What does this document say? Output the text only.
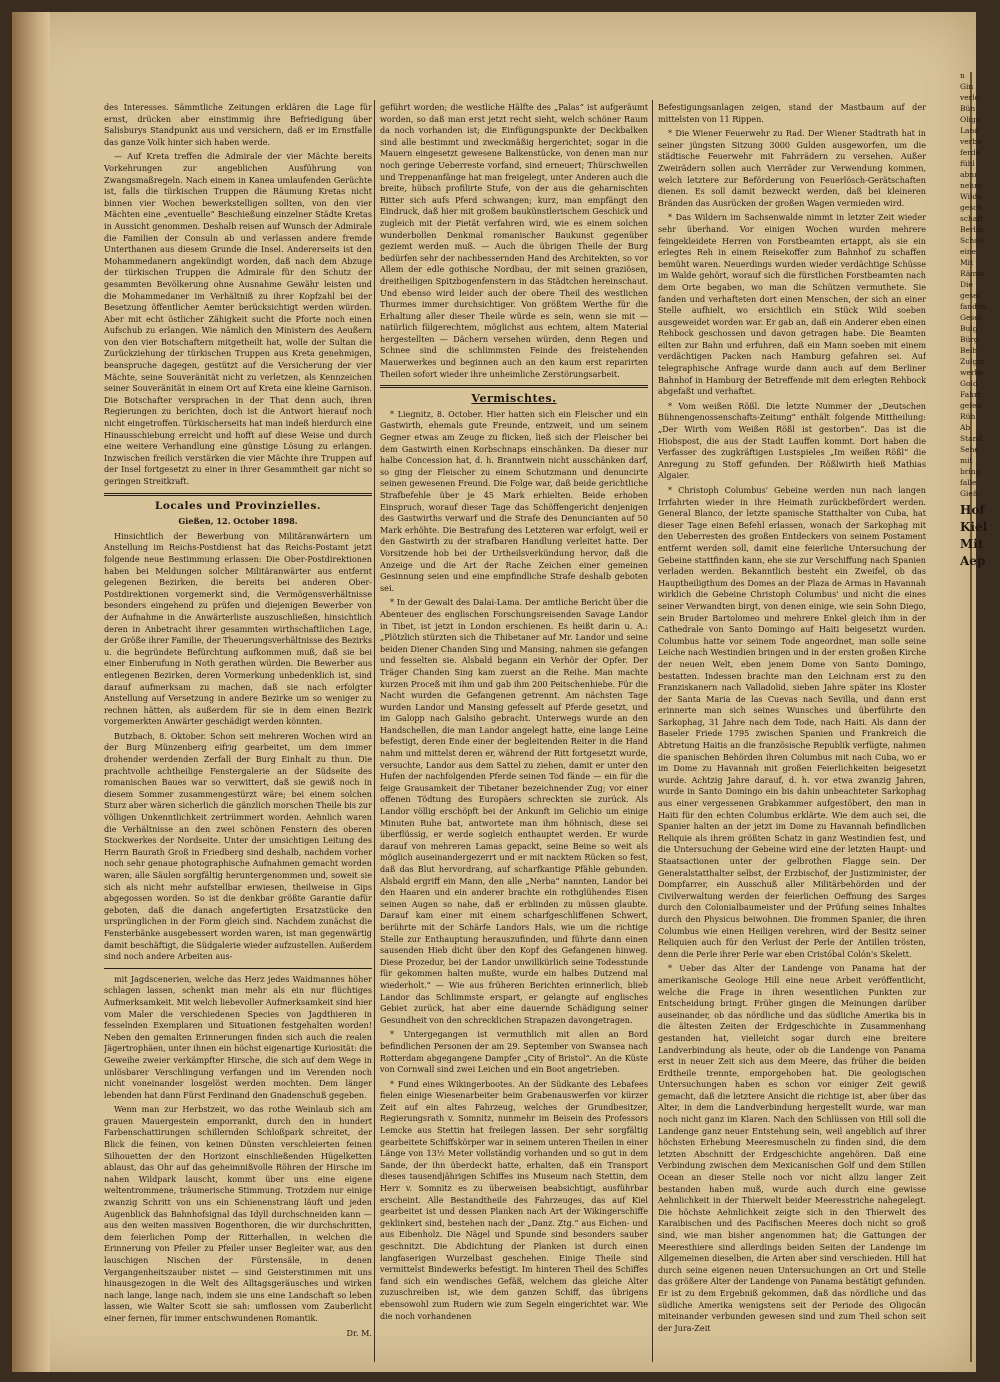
des Interesses. Sämmtliche Zeitungen erklären die Lage für ernst, drücken aber einstimmig ihre Befriedigung über Salisburys Standpunkt aus und versichern, daß er im Ernstfalle das ganze Volk hinter sich haben werde.

— Auf Kreta treffen die Admirale der vier Mächte bereits Vorkehrungen zur angeblichen Ausführung von Zwangsmaßregeln. Nach einem in Kanea umlaufenden Gerüchte ist, falls die türkischen Truppen die Räumung Kretas nicht binnen vier Wochen bewerkstelligen sollten, von den vier Mächten eine „eventuelle“ Beschießung einzelner Städte Kretas in Aussicht genommen. Deshalb reisen auf Wunsch der Admirale die Familien der Consuln ab und verlassen andere fremde Unterthanen aus diesem Grunde die Insel. Andererseits ist den Mohammedanern angekündigt worden, daß nach dem Abzuge der türkischen Truppen die Admirale für den Schutz der gesammten Bevölkerung ohne Ausnahme Gewähr leisten und die Mohammedaner im Verhältniß zu ihrer Kopfzahl bei der Besetzung öffentlicher Aemter berücksichtigt werden würden. Aber mit echt östlicher Zähigkeit sucht die Pforte noch einen Aufschub zu erlangen. Wie nämlich den Ministern des Aeußern von den vier Botschaftern mitgetheilt hat, wolle der Sultan die Zurückziehung der türkischen Truppen aus Kreta genehmigen, beanspruche dagegen, gestützt auf die Versicherung der vier Mächte, seine Souveränität nicht zu verletzen, als Kennzeichen seiner Souveränität in einem Ort auf Kreta eine kleine Garnison. Die Botschafter versprachen in der That denn auch, ihren Regierungen zu berichten, doch ist die Antwort hierauf noch nicht eingetroffen. Türkischerseits hat man indeß hierdurch eine Hinausschiebung erreicht und hofft auf diese Weise und durch eine weitere Verhandlung eine günstige Lösung zu erlangen. Inzwischen freilich verstärken die vier Mächte ihre Truppen auf der Insel fortgesetzt zu einer in ihrer Gesammtheit gar nicht so geringen Streitkraft.

Locales und Provinzielles.
Gießen, 12. October 1898.

Hinsichtlich der Bewerbung von Militäranwärtern um Anstellung im Reichs-Postdienst hat das Reichs-Postamt jetzt folgende neue Bestimmung erlassen: Die Ober-Postdirektionen haben bei Meldungen solcher Militäranwärter aus entfernt gelegenen Bezirken, die bereits bei anderen Ober-Postdirektionen vorgemerkt sind, die Vermögensverhältnisse besonders eingehend zu prüfen und diejenigen Bewerber von der Aufnahme in die Anwärterliste auszuschließen, hinsichtlich deren in Anbetracht ihrer gesammten wirthschaftlichen Lage, der Größe ihrer Familie, der Theuerungsverhältnisse des Bezirks u. die begründete Befürchtung aufkommen muß, daß sie bei einer Einberufung in Noth gerathen würden. Die Bewerber aus entlegenen Bezirken, deren Vormerkung unbedenklich ist, sind darauf aufmerksam zu machen, daß sie nach erfolgter Anstellung auf Versetzung in andere Bezirke um so weniger zu rechnen hätten, als außerdem für sie in dem einen Bezirk vorgemerkten Anwärter geschädigt werden könnten.

Butzbach, 8. Oktober. Schon seit mehreren Wochen wird an der Burg Münzenberg eifrig gearbeitet, um dem immer drohender werdenden Zerfall der Burg Einhalt zu thun. Die prachtvolle achtheilige Fenstergalerie an der Südseite des romanischen Baues war so verwittert, daß sie gewiß noch in diesem Sommer zusammengestürzt wäre; bei einem solchen Sturz aber wären sicherlich die gänzlich morschen Theile bis zur völligen Unkenntlichkeit zertrümmert worden. Aehnlich waren die Verhältnisse an den zwei schönen Fenstern des oberen Stockwerkes der Nordseite. Unter der umsichtigen Leitung des Herrn Baurath Groß in Friedberg sind deshalb, nachdem vorher noch sehr genaue photographische Aufnahmen gemacht worden waren, alle Säulen sorgfältig heruntergenommen und, soweit sie sich als nicht mehr aufstellbar erwiesen, theilweise in Gips abgegossen worden. So ist die denkbar größte Garantie dafür geboten, daß die danach angefertigten Ersatzstücke den ursprünglichen in der Form gleich sind. Nachdem zunächst die Fensterbänke ausgebessert worden waren, ist man gegenwärtig damit beschäftigt, die Südgalerie wieder aufzustellen. Außerdem sind noch andere Arbeiten aus-

mit Jagdscenerien, welche das Herz jedes Waidmannes höher schlagen lassen, schenkt man mehr als ein nur flüchtiges Aufmerksamkeit. Mit welch liebevoller Aufmerksamkeit sind hier vom Maler die verschiedenen Species von Jagdthieren in fesselnden Exemplaren und Situationen festgehalten worden! Neben den gemalten Erinnerungen finden sich auch die realen Jägertrophäen, unter ihnen ein höchst eigenartige Kuriosität: die Geweihe zweier verkämpfter Hirsche, die sich auf dem Wege in unlösbarer Verschlingung verfangen und im Verenden noch nicht voneinander losgelöst werden mochten. Dem länger lebenden hat dann Fürst Ferdinand den Gnadenschuß gegeben.

Wenn man zur Herbstzeit, wo das rothe Weinlaub sich am grauen Mauergestein emporrankt, durch den in hundert Farbenschattirungen schillernden Schloßpark schreitet, der Blick die feinen, von keinen Dünsten verschleierten feinen Silhouetten der den Horizont einschließenden Hügelketten ablaust, das Ohr auf das geheimnißvolle Röhren der Hirsche im nahen Wildpark lauscht, kommt über uns eine eigene weltentrommene, träumerische Stimmung. Trotzdem nur einige zwanzig Schritt von uns ein Schienenstrang läuft und jeden Augenblick das Bahnhofsignal das Idyll durchschneiden kann — aus den weiten massiven Bogenthoren, die wir durchschritten, dem feierlichen Pomp der Ritterhallen, in welchen die Erinnerung von Pfeiler zu Pfeiler unser Begleiter war, aus den lauschigen Nischen der Fürstensäle, in denen Vergangenheitszauber nistet — sind Geisterstimmen mit uns hinausgezogen in die Welt des Alltagsgeräusches und wirken nach lange, lange nach, indem sie uns eine Landschaft so leben lassen, wie Walter Scott sie sah: umflossen vom Zauberlicht einer fernen, für immer entschwundenen Romantik.

Dr. M.

geführt worden; die westliche Hälfte des „Palas“ ist aufgeräumt worden, so daß man erst jetzt recht sieht, welch schöner Raum da noch vorhanden ist; die Einfügungspunkte der Deckbalken sind alle bestimmt und zweckmäßig hergerichtet; sogar in die Mauern eingesetzt gewesene Balkenstücke, von denen man nur noch geringe Ueberreste vorfand, sind erneuert; Thürschwellen und Treppenanfänge hat man freigelegt, unter Anderen auch die breite, hübsch profilirte Stufe, von der aus die geharnischten Ritter sich aufs Pferd schwangen; kurz, man empfängt den Eindruck, daß hier mit großem baukünstlerischem Geschick und zugleich mit der Pietät verfahren wird, wie es einem solchen wunderbollen Denkmal romanischer Baukunst gegenüber geziemt werden muß. — Auch die übrigen Theile der Burg bedürfen sehr der nachbessernden Hand des Architekten, so vor Allem der edle gothische Nordbau, der mit seinen graziösen, dreitheiligen Spitzbogenfenstern in das Städtchen hereinschaut. Und ebenso wird leider auch der obere Theil des westlichen Thurmes immer durchsichtiger. Von größtem Werthe für die Erhaltung aller dieser Theile würde es sein, wenn sie mit — natürlich fülgerechtem, möglichst aus echtem, altem Material hergestellten — Dächern versehen würden, denn Regen und Schnee sind die schlimmsten Feinde des freistehenden Mauerwerkes und beginnen auch an den kaum erst reparirten Theilen sofort wieder ihre unheimliche Zerstörungsarbeit.

Vermischtes.

* Liegnitz, 8. October. Hier hatten sich ein Fleischer und ein Gastwirth, ehemals gute Freunde, entzweit, und um seinem Gegner etwas am Zeuge zu flicken, ließ sich der Fleischer bei dem Gastwirth einen Korbschnaps einschänken. Da dieser nur halbe Concession hat, d. h. Branntwein nicht ausschänken darf, so ging der Fleischer zu einem Schutzmann und denuncirte seinen gewesenen Freund. Die Folge war, daß beide gerichtliche Strafbefehle über je 45 Mark erhielten. Beide erhoben Einspruch, worauf dieser Tage das Schöffengericht denjenigen des Gastwirths verwarf und die Strafe des Denuncianten auf 50 Mark erhöhte. Die Bestrafung des Letzteren war erfolgt, weil er den Gastwirth zu der strafbaren Handlung verleitet hatte. Der Vorsitzende hob bei der Urtheilsverkündung hervor, daß die Anzeige und die Art der Rache Zeichen einer gemeinen Gesinnung seien und eine empfindliche Strafe deshalb geboten sei.

* In der Gewalt des Dalai-Lama. Der amtliche Bericht über die Abenteuer des englischen Forschungsreisenden Savage Landor in Tibet, ist jetzt in London erschienen. Es heißt darin u. A.: „Plötzlich stürzten sich die Thibetaner auf Mr. Landor und seine beiden Diener Chanden Sing und Mansing, nahmen sie gefangen und fesselten sie. Alsbald begann ein Verhör der Opfer. Der Träger Chanden Sing kam zuerst an die Reihe. Man machte kurzen Proceß mit ihm und gab ihm 200 Peitschenhiebe. Für die Nacht wurden die Gefangenen getrennt. Am nächsten Tage wurden Landor und Mansing gefesselt auf Pferde gesetzt, und im Galopp nach Galsiho gebracht. Unterwegs wurde an den Handschellen, die man Landor angelegt hatte, eine lange Leine befestigt, deren Ende einer der begleitenden Reiter in die Hand nahm und mittelst deren er, während der Ritt fortgesetzt wurde, versuchte, Landor aus dem Sattel zu ziehen, damit er unter den Hufen der nachfolgenden Pferde seinen Tod fände — ein für die feige Grausamkeit der Tibetaner bezeichnender Zug; vor einer offenen Tödtung des Europäers schreckten sie zurück. Als Landor völlig erschöpft bei der Ankunft im Gelichio um einige Minuten Ruhe bat, antwortete man ihm höhnisch, diese sei überflüssig, er werde sogleich enthauptet werden. Er wurde darauf von mehreren Lamas gepackt, seine Beine so weit als möglich auseinandergezerrt und er mit nacktem Rücken so fest, daß das Blut hervordrang, auf scharfkantige Pfähle gebunden. Alsbald ergriff ein Mann, den alle „Nerba“ nannten, Landor bei den Haaren und ein anderer brachte ein rothglühendes Eisen seinen Augen so nahe, daß er erblinden zu müssen glaubte. Darauf kam einer mit einem scharfgeschliffenen Schwert, berührte mit der Schärfe Landors Hals, wie um die richtige Stelle zur Enthauptung herauszufinden, und führte dann einen sausenden Hieb dicht über den Kopf des Gefangenen hinweg. Diese Prozedur, bei der Landor unwillkürlich seine Todesstunde für gekommen halten mußte, wurde ein halbes Dutzend mal wiederholt.“ — Wie aus früheren Berichten erinnerlich, blieb Landor das Schlimmste erspart, er gelangte auf englisches Gebiet zurück, hat aber eine dauernde Schädigung seiner Gesundheit von den schrecklichen Strapazen davongetragen.

* Untergegangen ist vermuthlich mit allen an Bord befindlichen Personen der am 29. September von Swansea nach Rotterdam abgegangene Dampfer „City of Bristol“. An die Küste von Cornwall sind zwei Leichen und ein Boot angetrieben.

* Fund eines Wikingerbootes. An der Südkante des Lebafees fielen einige Wiesenarbeiter beim Grabenauswerfen vor kürzer Zeit auf ein altes Fahrzeug, welches der Grundbesitzer, Regierungsrath v. Somnitz, nunmehr im Beisein des Professors Lemcke aus Stettin hat freilegen lassen. Der sehr sorgfältig gearbeitete Schiffskörper war in seinem unteren Theilen in einer Länge von 13½ Meter vollständig vorhanden und so gut in dem Sande, der ihn überdeckt hatte, erhalten, daß ein Transport dieses tausendjährigen Schiffes ins Museum nach Stettin, dem Herr v. Somnitz es zu überweisen beabsichtigt, ausführbar erscheint. Alle Bestandtheile des Fahrzeuges, das auf Kiel gearbeitet ist und dessen Planken nach Art der Wikingerschiffe geklinkert sind, bestehen nach der „Danz. Ztg.“ aus Eichen- und aus Eibenholz. Die Nägel und Spunde sind besonders sauber geschnitzt. Die Abdichtung der Planken ist durch einen langfaserigen Wurzelbast geschehen. Einige Theile sind vermittelst Bindewerks befestigt. Im hinteren Theil des Schiffes fand sich ein wendisches Gefäß, welchem das gleiche Alter zuzuschreiben ist, wie dem ganzen Schiff, das übrigens ebensowohl zum Rudern wie zum Segeln eingerichtet war. Wie die noch vorhandenen

Befestigungsanlagen zeigen, stand der Mastbaum auf der mittelsten von 11 Rippen.

* Die Wiener Feuerwehr zu Rad. Der Wiener Stadtrath hat in seiner jüngsten Sitzung 3000 Gulden ausgeworfen, um die städtische Feuerwehr mit Fahrrädern zu versehen. Außer Zweirädern sollen auch Vierräder zur Verwendung kommen, welch letztere zur Beförderung von Feuerlösch-Gerätschaften dienen. Es soll damit bezweckt werden, daß bei kleineren Bränden das Ausrücken der großen Wagen vermieden wird.

* Das Wildern im Sachsenwalde nimmt in letzter Zeit wieder sehr überhand. Vor einigen Wochen wurden mehrere feingekleidete Herren von Forstbeamten ertappt, als sie ein erlegtes Reh in einem Reisekoffer zum Bahnhof zu schaffen bemüht waren. Neuerdings wurden wieder verdächtige Schüsse im Walde gehört, worauf sich die fürstlichen Forstbeamten nach dem Orte begaben, wo man die Schützen vermuthete. Sie fanden und verhafteten dort einen Menschen, der sich an einer Stelle aufhielt, wo ersichtlich ein Stück Wild soeben ausgeweidet worden war. Er gab an, daß ein Anderer eben einen Rehbock geschossen und davon getragen habe. Die Beamten eilten zur Bahn und erfuhren, daß ein Mann soeben mit einem verdächtigen Packen nach Hamburg gefahren sei. Auf telegraphische Anfrage wurde dann auch auf dem Berliner Bahnhof in Hamburg der Betreffende mit dem erlegten Rehbock abgefaßt und verhaftet.

* Vom weißen Rößl. Die letzte Nummer der „Deutschen Bühnengenossenschafts-Zeitung“ enthält folgende Mittheilung: „Der Wirth vom Weißen Rößl ist gestorben“. Das ist die Hiobspost, die aus der Stadt Lauffen kommt. Dort haben die Verfasser des zugkräftigen Lustspieles „Im weißen Rößl“ die Anregung zu Stoff gefunden. Der Rößlwirth hieß Mathias Algaier.

* Christoph Columbus' Gebeine werden nun nach langen Irrfahrten wieder in ihre Heimath zurückbefördert werden. General Blanco, der letzte spanische Statthalter von Cuba, hat dieser Tage einen Befehl erlassen, wonach der Sarkophag mit den Ueberresten des großen Entdeckers von seinem Postament entfernt werden soll, damit eine feierliche Untersuchung der Gebeine stattfinden kann, ehe sie zur Verschiffung nach Spanien verladen werden. Bekanntlich besteht ein Zweifel, ob das Hauptheiligthum des Domes an der Plaza de Armas in Havannah wirklich die Gebeine Christoph Columbus' und nicht die eines seiner Verwandten birgt, von denen einige, wie sein Sohn Diego, sein Bruder Bartolomeo und mehrere Enkel gleich ihm in der Cathedrale von Santo Domingo auf Haiti beigesetzt wurden. Columbus hatte vor seinem Tode angeordnet, man solle seine Leiche nach Westindien bringen und in der ersten großen Kirche der neuen Welt, eben jenem Dome von Santo Domingo, bestatten. Indessen brachte man den Leichnam erst zu den Franziskanern nach Valladolid, sieben Jahre später ins Kloster der Santa Maria de las Cuevas nach Sevilla, und dann erst erinnerte man sich seines Wunsches und überführte den Sarkophag, 31 Jahre nach dem Tode, nach Haiti. Als dann der Baseler Friede 1795 zwischen Spanien und Frankreich die Abtretung Haitis an die französische Republik verfügte, nahmen die spanischen Behörden ihren Columbus mit nach Cuba, wo er im Dome zu Havannah mit großen Feierlichkeiten beigesetzt wurde. Achtzig Jahre darauf, d. h. vor etwa zwanzig Jahren, wurde in Santo Domingo ein bis dahin unbeachteter Sarkophag aus einer vergessenen Grabkammer aufgestöbert, den man in Haiti für den echten Columbus erklärte. Wie dem auch sei, die Spanier halten an der jetzt im Dome zu Havannah befindlichen Reliquie als ihrem größten Schatz in ganz Westindien fest, und die Untersuchung der Gebeine wird eine der letzten Haupt- und Staatsactionen unter der gelbrothen Flagge sein. Der Generalstatthalter selbst, der Erzbischof, der Justizminister, der Dompfarrer, ein Ausschuß aller Militärbehörden und der Civilverwaltung werden der feierlichen Oeffnung des Sarges durch den Colonialbaumeister und der Prüfung seines Inhaltes durch den Physicus beiwohnen. Die frommen Spanier, die ihren Columbus wie einen Heiligen verehren, wird der Besitz seiner Reliquien auch für den Verlust der Perle der Antillen trösten, denn die Perle ihrer Perle war eben Cristóbal Colón's Skelett.

* Ueber das Alter der Landenge von Panama hat der amerikanische Geologe Hill eine neue Arbeit veröffentlicht, welche die Frage in ihren wesentlichen Punkten zur Entscheidung bringt. Früher gingen die Meinungen darüber auseinander, ob das nördliche und das südliche Amerika bis in die ältesten Zeiten der Erdgeschichte in Zusammenhang gestanden hat, vielleicht sogar durch eine breitere Landverbindung als heute, oder ob die Landenge von Panama erst in neuer Zeit sich aus dem Meere, das früher die beiden Erdtheile trennte, emporgehoben hat. Die geologischen Untersuchungen haben es schon vor einiger Zeit gewiß gemacht, daß die letztere Ansicht die richtige ist, aber über das Alter, in dem die Landverbindung hergestellt wurde, war man noch nicht ganz im Klaren. Nach den Schlüssen von Hill soll die Landenge ganz neuer Entstehung sein, weil angeblich auf ihrer höchsten Erhebung Meeresmuscheln zu finden sind, die dem letzten Abschnitt der Erdgeschichte angehören. Daß eine Verbindung zwischen dem Mexicanischen Golf und dem Stillen Ocean an dieser Stelle noch vor nicht allzu langer Zeit bestanden haben muß, wurde auch durch eine gewisse Aehnlichkeit in der Thierwelt beider Meeresstriche nahegelegt. Die höchste Aehnlichkeit zeigte sich in den Thierwelt des Karaibischen und des Pacifischen Meeres doch nicht so groß sind, wie man bisher angenommen hat; die Gattungen der Meeresthiere sind allerdings beiden Seiten der Landenge im Allgemeinen dieselben, die Arten aber sind verschieden. Hill hat durch seine eigenen neuen Untersuchungen an Ort und Stelle das größere Alter der Landenge von Panama bestätigt gefunden. Er ist zu dem Ergebniß gekommen, daß das nördliche und das südliche Amerika wenigstens seit der Periode des Oligocän miteinander verbunden gewesen sind und zum Theil schon seit der Jura-Zeit

n
Gin
verlo
Bün
Oligo
Land
verbu
ferde
fühl
abnı
nehm
Wildu
gesch
schaft
Berlin
Schoö
eine
Mit
Rämm
Die
gesel
fanden
Gesel
Bulg
Bürg
Beih
Zulgm
werke
Gold
Fahrr
gefen
Rüh
Ab
Stand
Sehe
mit
bring
falle
Gieß
Hof
Kiel
Mit
Aep
